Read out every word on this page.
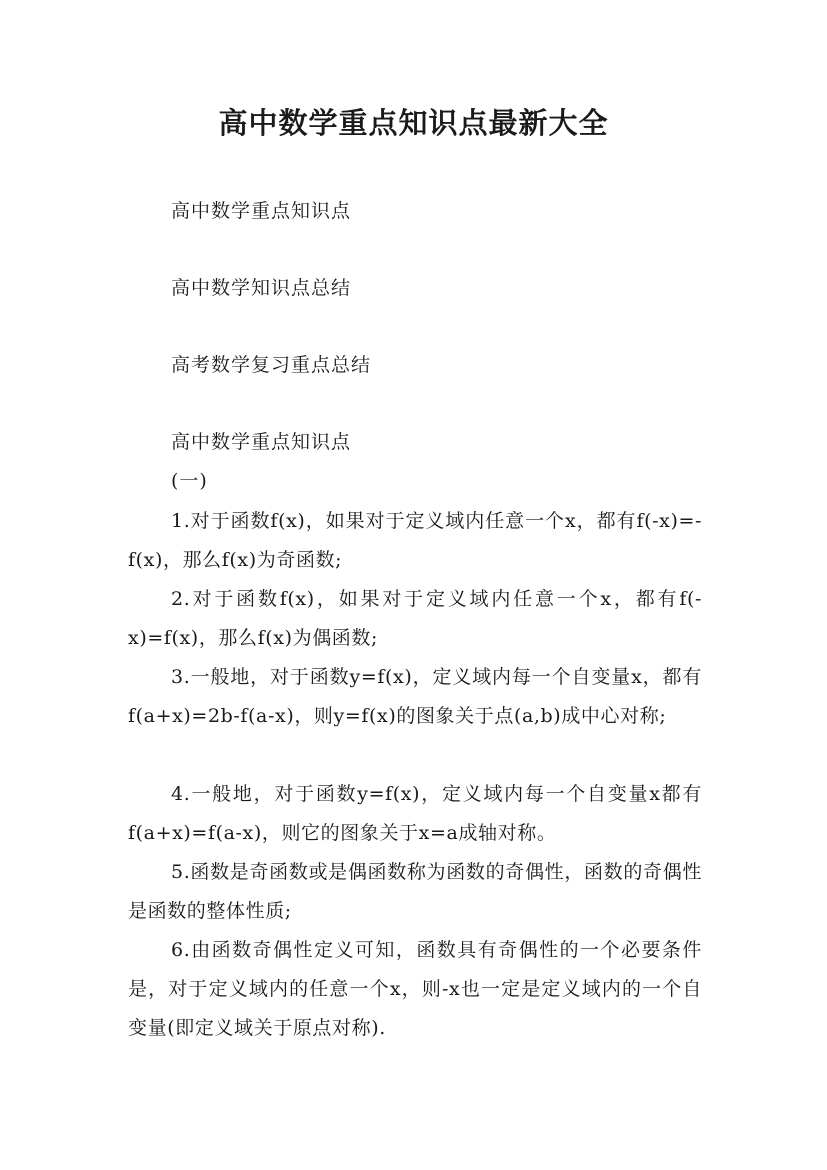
高中数学重点知识点最新大全
高中数学重点知识点
高中数学知识点总结
高考数学复习重点总结
高中数学重点知识点
(一)
1.对于函数f(x)，如果对于定义域内任意一个x，都有f(-x)=-f(x)，那么f(x)为奇函数;
2.对于函数f(x)，如果对于定义域内任意一个x，都有f(-x)=f(x)，那么f(x)为偶函数;
3.一般地，对于函数y=f(x)，定义域内每一个自变量x，都有f(a+x)=2b-f(a-x)，则y=f(x)的图象关于点(a,b)成中心对称;
4.一般地，对于函数y=f(x)，定义域内每一个自变量x都有f(a+x)=f(a-x)，则它的图象关于x=a成轴对称。
5.函数是奇函数或是偶函数称为函数的奇偶性，函数的奇偶性是函数的整体性质;
6.由函数奇偶性定义可知，函数具有奇偶性的一个必要条件是，对于定义域内的任意一个x，则-x也一定是定义域内的一个自变量(即定义域关于原点对称).
